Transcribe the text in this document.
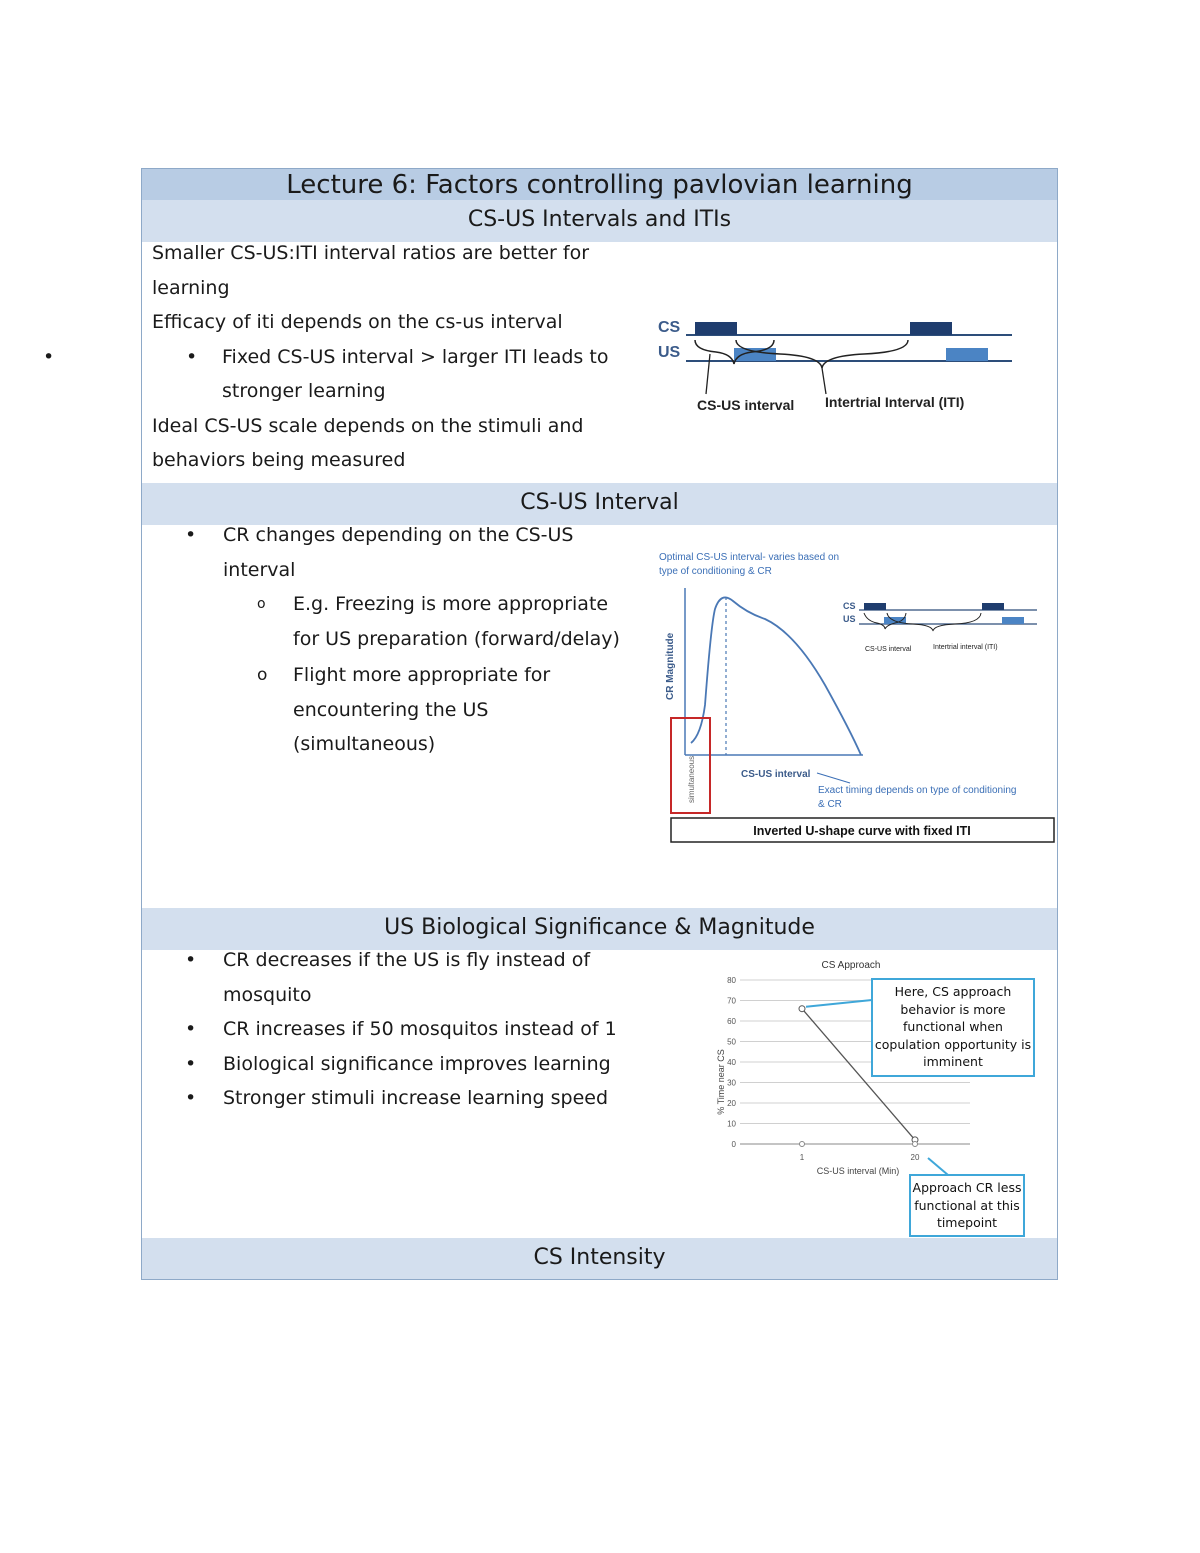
Lecture 6: Factors controlling pavlovian learning
CS-US Intervals and ITIs

Smaller CS-US:ITI interval ratios are better for learning

Efficacy of iti depends on the cs-us interval

• • Fixed CS-US interval > larger ITI leads to stronger learning

Ideal CS-US scale depends on the stimuli and behaviors being measured

CS
US
CS-US interval Intertrial Interval (ITI)
CS-US Interval

• CR changes depending on the CS-US interval

o E.g. Freezing is more appropriate for US preparation (forward/delay)

o Flight more appropriate for encountering the US (simultaneous)

Optimal CS-US interval- varies based on
type of conditioning & CR
CR Magnitude
simultaneous	CS-US interval
Exact timing depends on type of conditioning
& CR
CS
US
CS-US interval	Intertrial interval (ITI)
Inverted U-shape curve with fixed ITI
US Biological Significance & Magnitude

• CR decreases if the US is fly instead of mosquito

• CR increases if 50 mosquitos instead of 1

• Biological significance improves learning

• Stronger stimuli increase learning speed

CS Approach
0
10
20
30
40
50
60
70
80
1	20
% Time near CS
CS-US interval (Min)
Here, CS approach behavior is more functional when copulation opportunity is imminent
Approach CR less functional at this timepoint
CS Intensity
